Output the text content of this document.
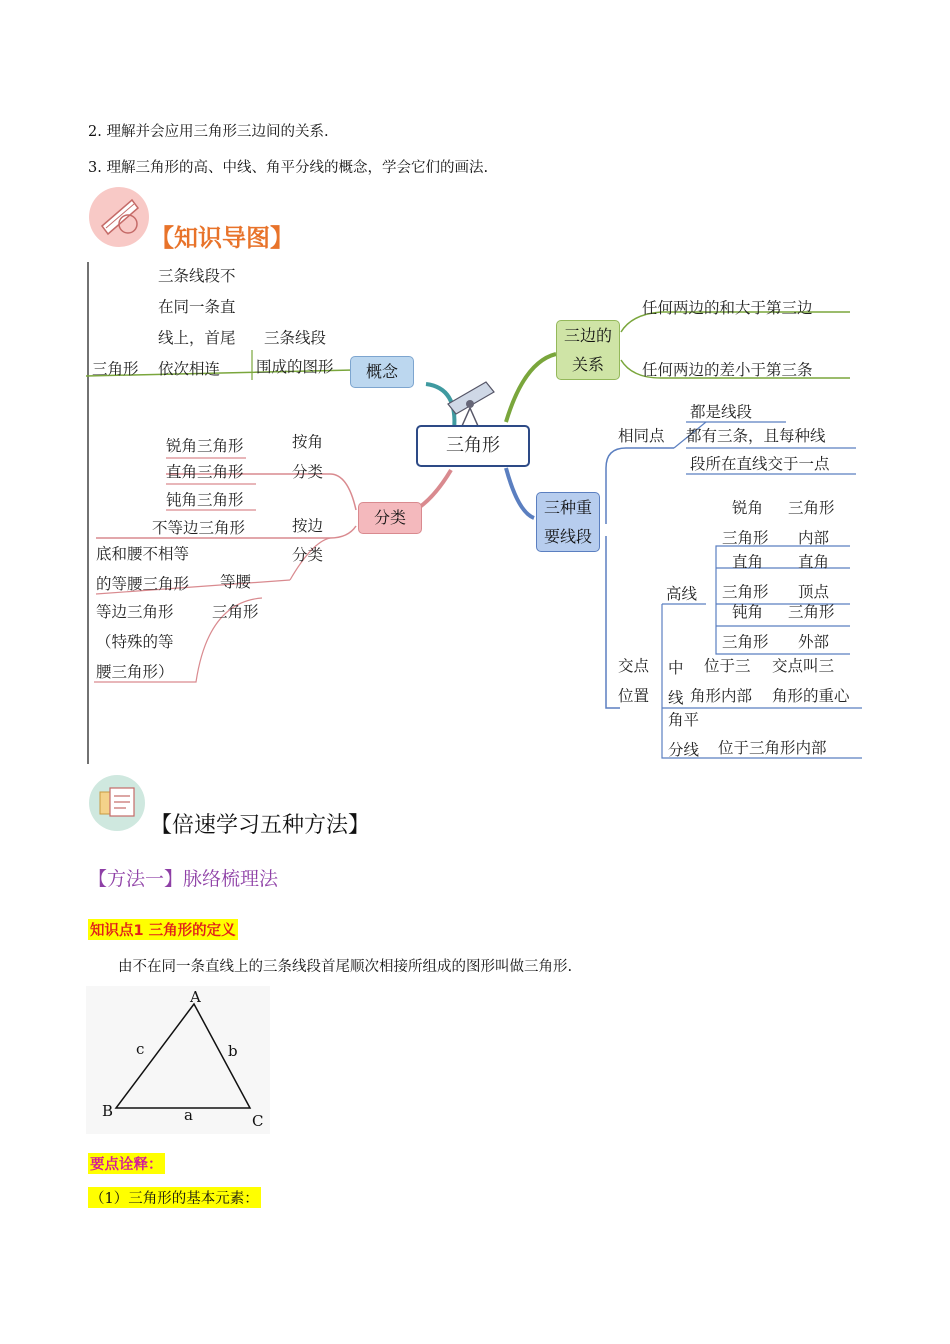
2. 理解并会应用三角形三边间的关系.
3. 理解三角形的高、中线、角平分线的概念，学会它们的画法.
【知识导图】
三角形
概念
三角形
三条线段不
在同一条直
线上，首尾
依次相连
三条线段
围成的图形
三边的
关系
任何两边的和大于第三边
任何两边的差小于第三条
分类
按角
分类
锐角三角形
直角三角形
钝角三角形
按边
分类
不等边三角形
底和腰不相等
的等腰三角形 等腰
三角形
等边三角形
（特殊的等
腰三角形）
三种重
要线段
相同点
都是线段
都有三条，且每种线
段所在直线交于一点
交点
位置
高线
锐角 三角形
三角形 内部
直角 直角
三角形 顶点
钝角 三角形
三角形 外部
中
线
位于三 交点叫三
角形内部 角形的重心
角平
分线 位于三角形内部
【倍速学习五种方法】
【方法一】脉络梳理法
知识点1 三角形的定义
由不在同一条直线上的三条线段首尾顺次相接所组成的图形叫做三角形.
A
B
C
a
b
c
要点诠释：
（1）三角形的基本元素：
